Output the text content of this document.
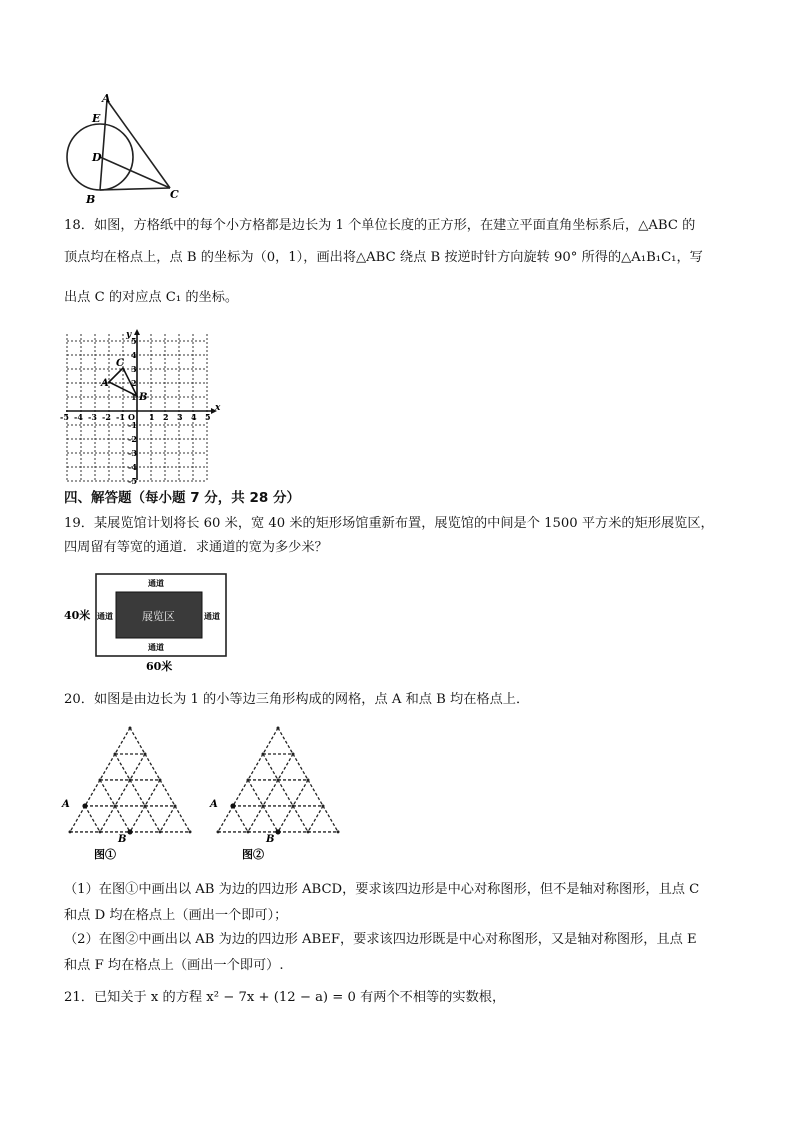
A
E
D
B	C
18．如图，方格纸中的每个小方格都是边长为 1 个单位长度的正方形，在建立平面直角坐标系后，△ABC 的
顶点均在格点上，点 B 的坐标为（0，1），画出将△ABC 绕点 B 按逆时针方向旋转 90° 所得的△A₁B₁C₁，写
出点 C 的对应点 C₁ 的坐标。
x
y
O
-5 -4 -3 -2 -1	1 2 3 4 5
5
4
3
2
1
-1
-2
-3
-4
-5
C
A
B
四、解答题（每小题 7 分，共 28 分）
19．某展览馆计划将长 60 米，宽 40 米的矩形场馆重新布置，展览馆的中间是个 1500 平方米的矩形展览区，
四周留有等宽的通道．求通道的宽为多少米？
展览区
通道
通道
通道	通道
40米
60米
20．如图是由边长为 1 的小等边三角形构成的网格，点 A 和点 B 均在格点上．
A
B
图①
A
B
图②
（1）在图①中画出以 AB 为边的四边形 ABCD，要求该四边形是中心对称图形，但不是轴对称图形，且点 C
和点 D 均在格点上（画出一个即可）；
（2）在图②中画出以 AB 为边的四边形 ABEF，要求该四边形既是中心对称图形，又是轴对称图形，且点 E
和点 F 均在格点上（画出一个即可）.
21．已知关于 x 的方程 x² − 7x + (12 − a) = 0 有两个不相等的实数根，
